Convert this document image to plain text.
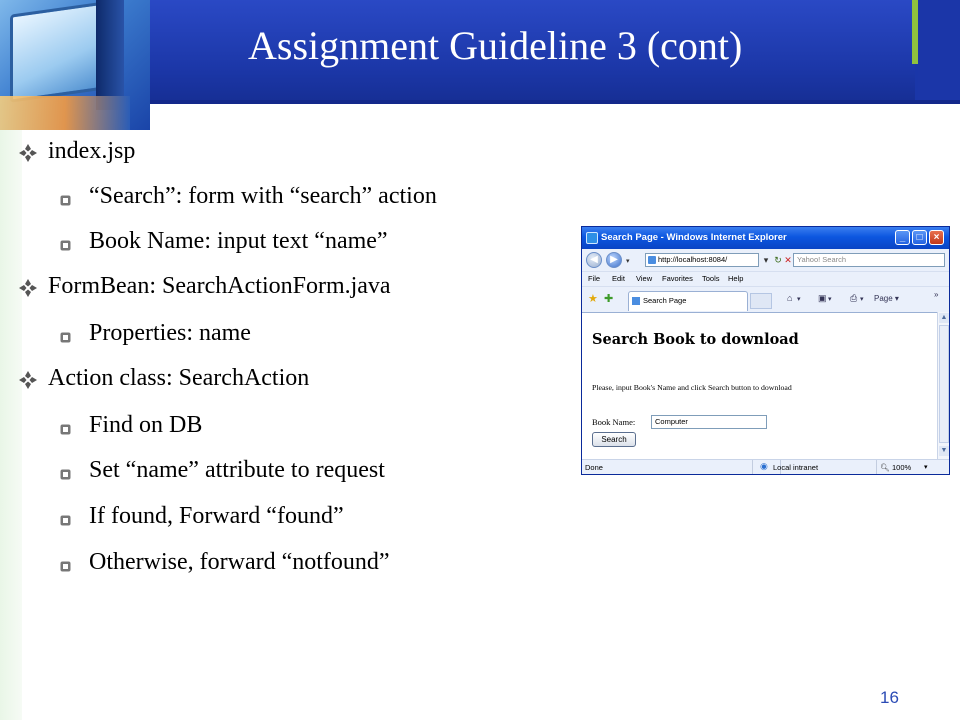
Assignment Guideline 3 (cont)
index.jsp
“Search”: form with “search” action
Book Name: input text “name”
FormBean: SearchActionForm.java
Properties: name
Action class: SearchAction
Find on DB
Set “name” attribute to request
If found, Forward “found”
Otherwise, forward “notfound”
16
Search Page - Windows Internet Explorer	_	□	×
◀	▶	▾	http://localhost:8084/	▾ ↻ ✕ Yahoo! Search
File Edit View Favorites Tools Help
★ ✚	Search Page	⌂ ▾ ▣ ▾ ⎙ ▾ Page ▾	»
Search Book to download
Please, input Book's Name and click Search button to download
Book Name:	Computer
Search
▲
▼
Done	◉ Local intranet	🔍︎ 100% ▾
